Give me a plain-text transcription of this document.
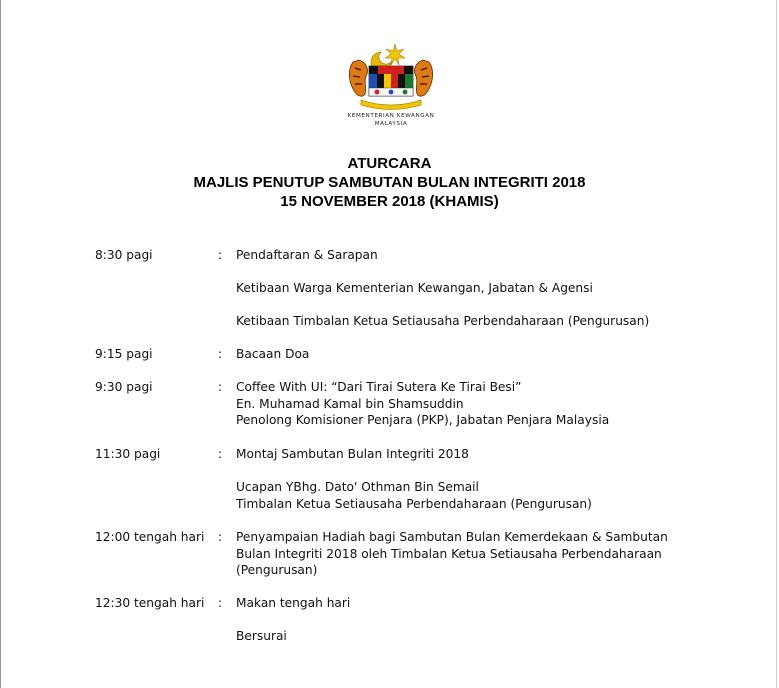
KEMENTERIAN KEWANGAN
MALAYSIA
ATURCARA
MAJLIS PENUTUP SAMBUTAN BULAN INTEGRITI 2018
15 NOVEMBER 2018 (KHAMIS)
8:30 pagi	: Pendaftaran & Sarapan
Ketibaan Warga Kementerian Kewangan, Jabatan & Agensi
Ketibaan Timbalan Ketua Setiausaha Perbendaharaan (Pengurusan)
9:15 pagi	: Bacaan Doa
9:30 pagi	: Coffee With UI: “Dari Tirai Sutera Ke Tirai Besi”
En. Muhamad Kamal bin Shamsuddin
Penolong Komisioner Penjara (PKP), Jabatan Penjara Malaysia
11:30 pagi	: Montaj Sambutan Bulan Integriti 2018
Ucapan YBhg. Dato' Othman Bin Semail
Timbalan Ketua Setiausaha Perbendaharaan (Pengurusan)
12:00 tengah hari : Penyampaian Hadiah bagi Sambutan Bulan Kemerdekaan & Sambutan
Bulan Integriti 2018 oleh Timbalan Ketua Setiausaha Perbendaharaan
(Pengurusan)
12:30 tengah hari : Makan tengah hari
Bersurai
